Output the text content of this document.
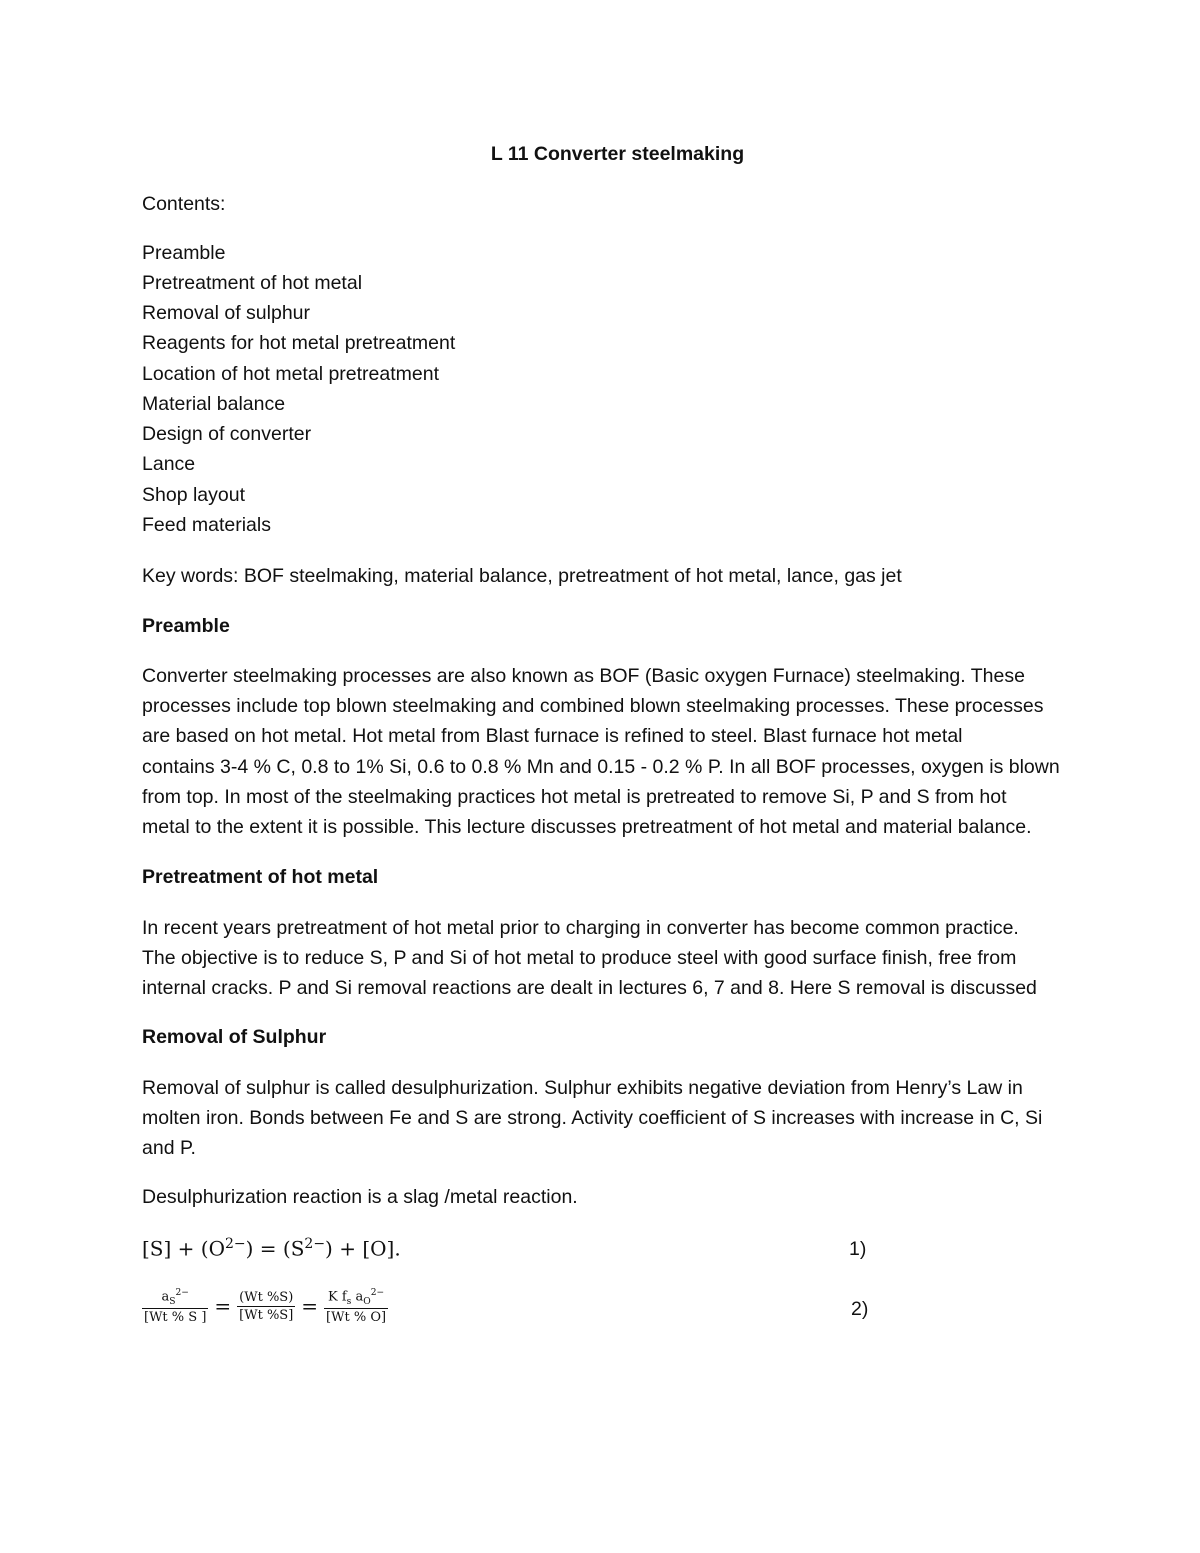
L 11 Converter steelmaking
Contents:
Preamble
Pretreatment of hot metal
Removal of sulphur
Reagents for hot metal pretreatment
Location of hot metal pretreatment
Material balance
Design of converter
Lance
Shop layout
Feed materials
Key words: BOF steelmaking, material balance, pretreatment of hot metal, lance, gas jet
Preamble
Converter steelmaking processes are also known as BOF (Basic oxygen Furnace) steelmaking. These
processes include top blown steelmaking and combined blown steelmaking processes. These processes
are based on hot metal. Hot metal from Blast furnace is refined to steel. Blast furnace hot metal
contains 3-4 % C, 0.8 to 1% Si, 0.6 to 0.8 % Mn and 0.15 - 0.2 % P. In all BOF processes, oxygen is blown
from top. In most of the steelmaking practices hot metal is pretreated to remove Si, P and S from hot
metal to the extent it is possible. This lecture discusses pretreatment of hot metal and material balance.
Pretreatment of hot metal
In recent years pretreatment of hot metal prior to charging in converter has become common practice.
The objective is to reduce S, P and Si of hot metal to produce steel with good surface finish, free from
internal cracks. P and Si removal reactions are dealt in lectures 6, 7 and 8. Here S removal is discussed
Removal of Sulphur
Removal of sulphur is called desulphurization. Sulphur exhibits negative deviation from Henry’s Law in
molten iron. Bonds between Fe and S are strong. Activity coefficient of S increases with increase in C, Si
and P.
Desulphurization reaction is a slag /metal reaction.
$[S] + (O^{2-}) = (S^{2-}) + [O]$.	1)
$\frac{a_S^{2-}}{[Wt \% S ]} = \frac{(Wt \%S)}{[Wt \%S]} = \frac{K f_s a_O^{2-}}{[Wt \% O]}$	2)
